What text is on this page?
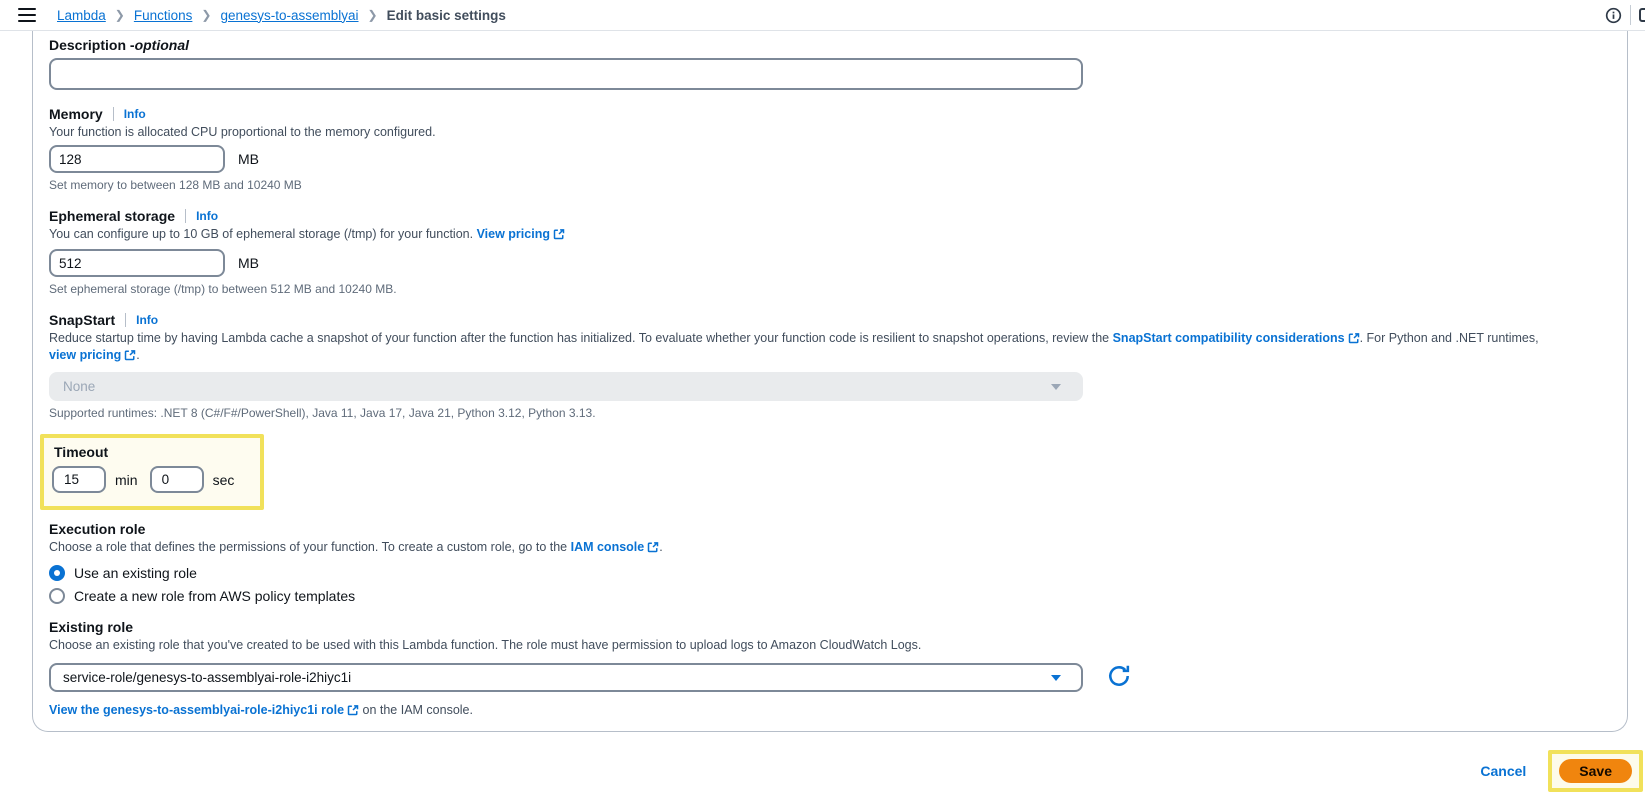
Lambda ❯ Functions ❯ genesys-to-assemblyai ❯ Edit basic settings
Description - optional
Memory Info
Your function is allocated CPU proportional to the memory configured.
128
MB
Set memory to between 128 MB and 10240 MB
Ephemeral storage Info
You can configure up to 10 GB of ephemeral storage (/tmp) for your function. View pricing
512
MB
Set ephemeral storage (/tmp) to between 512 MB and 10240 MB.
SnapStart Info
Reduce startup time by having Lambda cache a snapshot of your function after the function has initialized. To evaluate whether your function code is resilient to snapshot operations, review the SnapStart compatibility considerations . For Python and .NET runtimes, view pricing .
None
Supported runtimes: .NET 8 (C#/F#/PowerShell), Java 11, Java 17, Java 21, Python 3.12, Python 3.13.
Timeout
15
min
0	sec
Execution role
Choose a role that defines the permissions of your function. To create a custom role, go to the IAM console .
Use an existing role
Create a new role from AWS policy templates
Existing role
Choose an existing role that you've created to be used with this Lambda function. The role must have permission to upload logs to Amazon CloudWatch Logs.
service-role/genesys-to-assemblyai-role-i2hiyc1i
View the genesys-to-assemblyai-role-i2hiyc1i role on the IAM console.
Cancel	Save
